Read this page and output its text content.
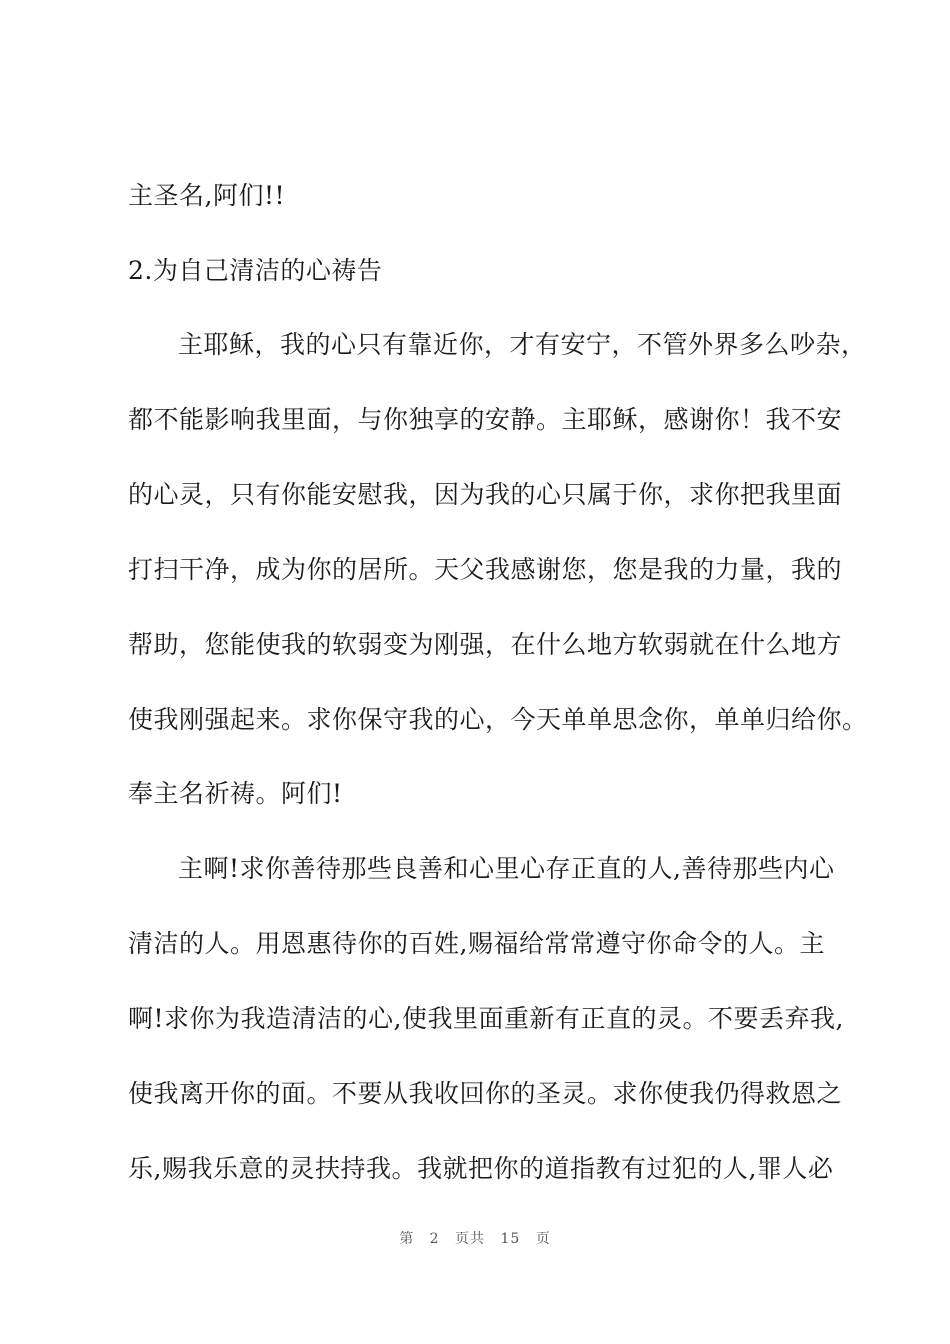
主圣名,阿们!!
2.为自己清洁的心祷告
主耶稣，我的心只有靠近你，才有安宁，不管外界多么吵杂，
都不能影响我里面，与你独享的安静。主耶稣，感谢你！我不安
的心灵，只有你能安慰我，因为我的心只属于你，求你把我里面
打扫干净，成为你的居所。天父我感谢您，您是我的力量，我的
帮助，您能使我的软弱变为刚强，在什么地方软弱就在什么地方
使我刚强起来。求你保守我的心，今天单单思念你，单单归给你。
奉主名祈祷。阿们!
主啊!求你善待那些良善和心里心存正直的人,善待那些内心
清洁的人。用恩惠待你的百姓,赐福给常常遵守你命令的人。主
啊!求你为我造清洁的心,使我里面重新有正直的灵。不要丢弃我,
使我离开你的面。不要从我收回你的圣灵。求你使我仍得救恩之
乐,赐我乐意的灵扶持我。我就把你的道指教有过犯的人,罪人必
第 2 页共 15 页
